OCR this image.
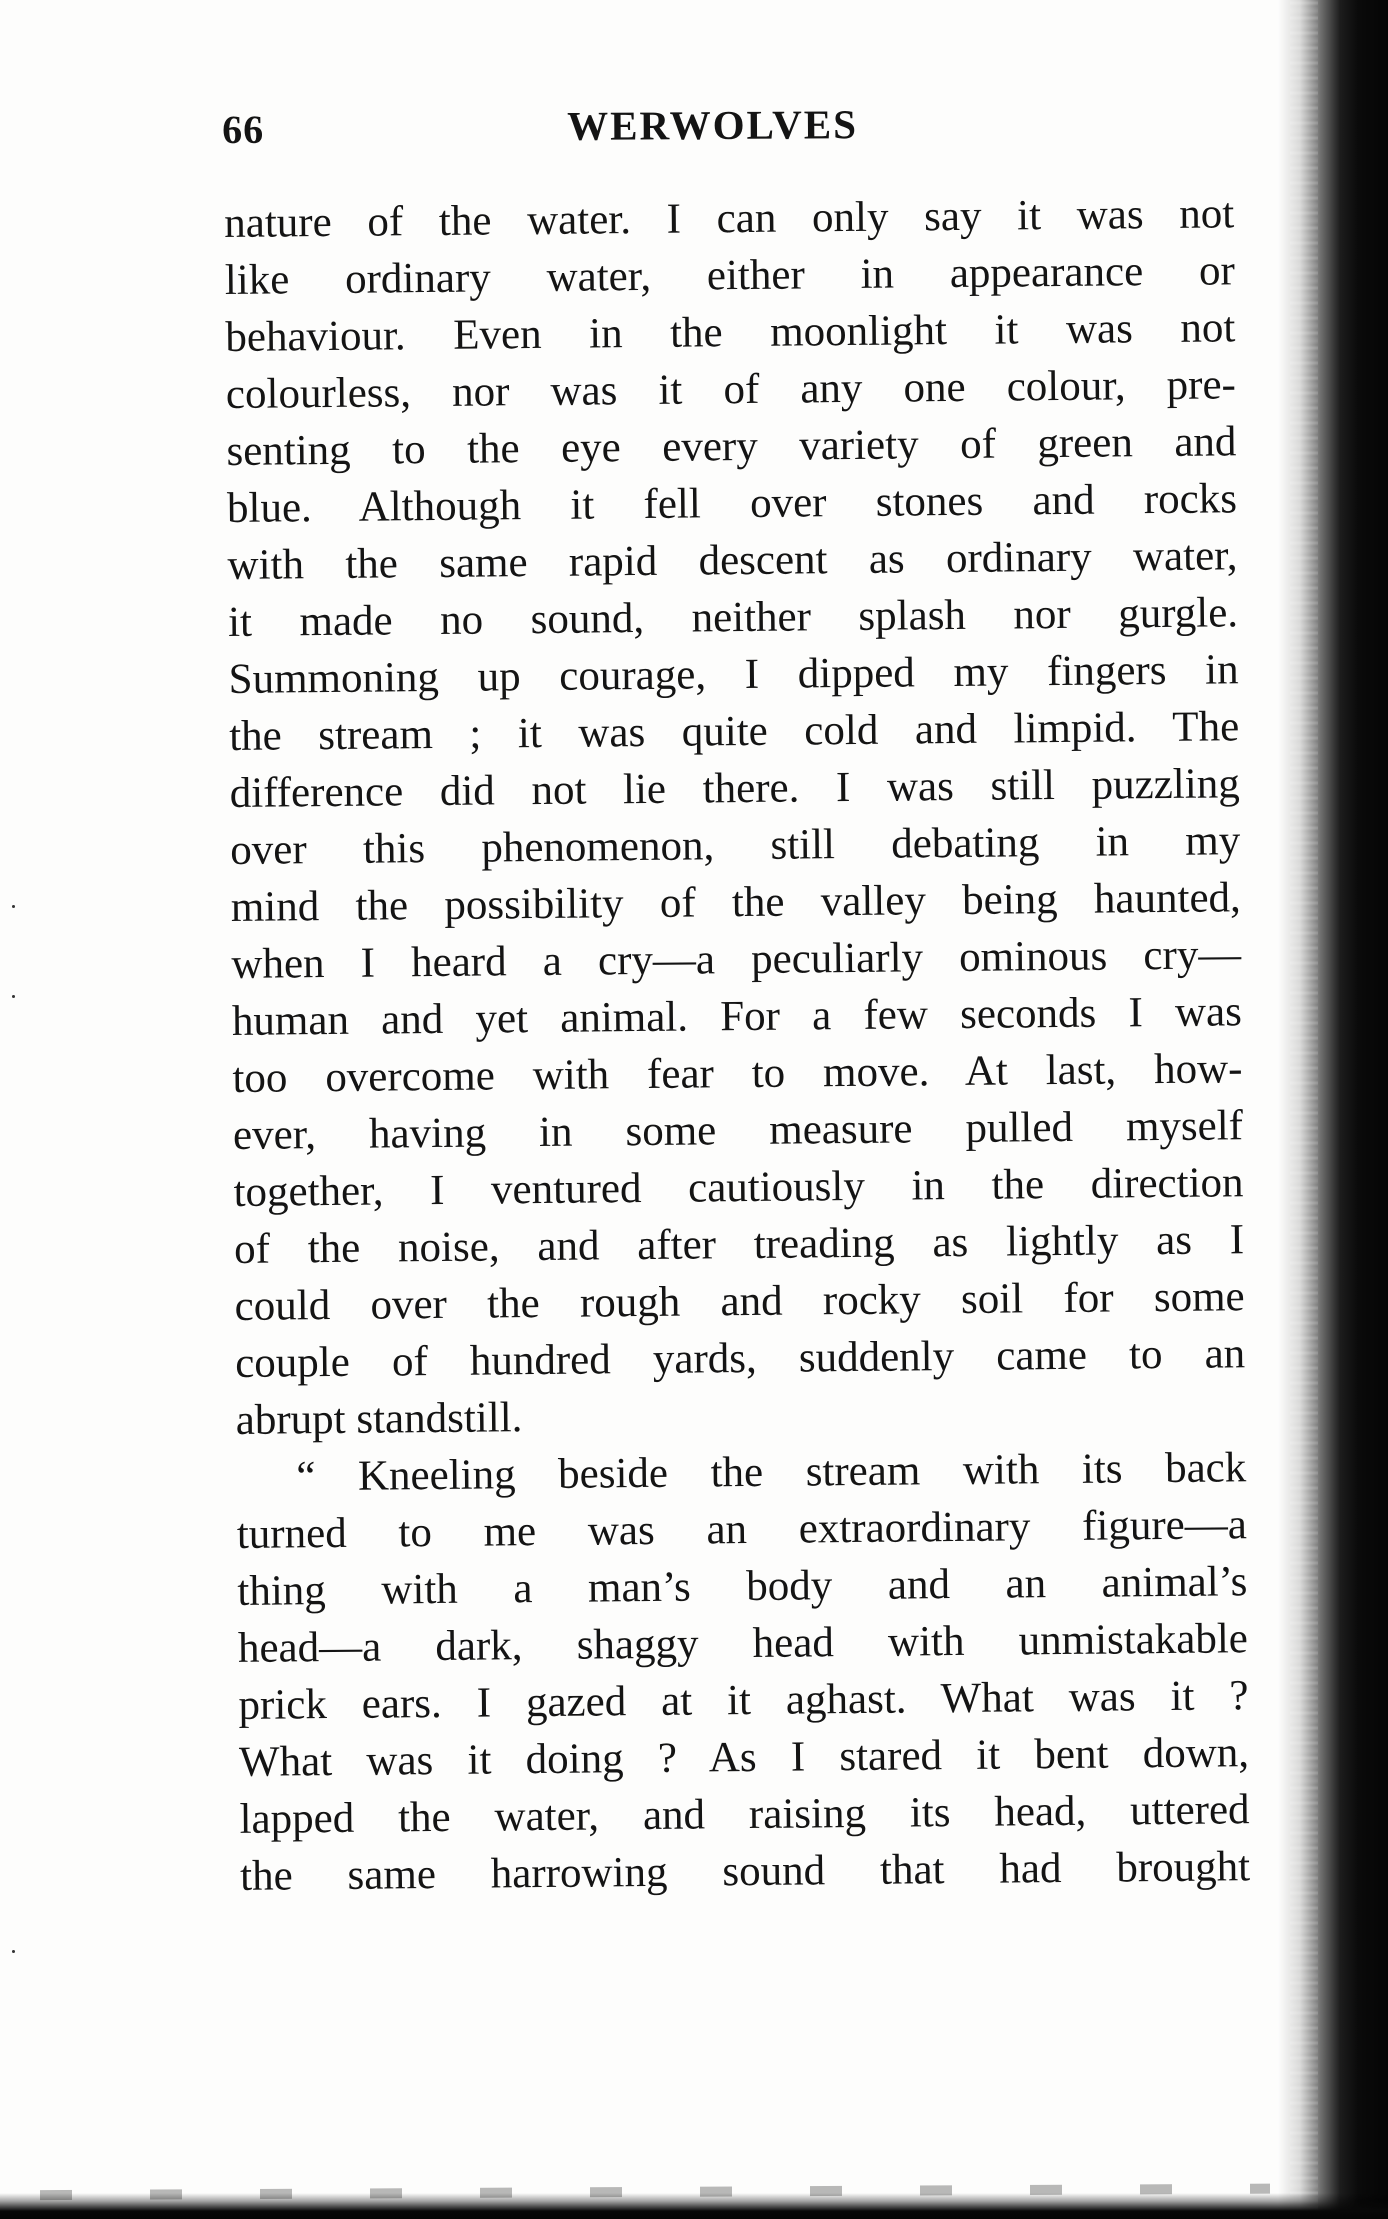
66	WERWOLVES
nature of the water. I can only say it was not
like ordinary water, either in appearance or
behaviour. Even in the moonlight it was not
colourless, nor was it of any one colour, pre-
senting to the eye every variety of green and
blue. Although it fell over stones and rocks
with the same rapid descent as ordinary water,
it made no sound, neither splash nor gurgle.
Summoning up courage, I dipped my fingers in
the stream ; it was quite cold and limpid. The
difference did not lie there. I was still puzzling
over this phenomenon, still debating in my
mind the possibility of the valley being haunted,
when I heard a cry—a peculiarly ominous cry—
human and yet animal. For a few seconds I was
too overcome with fear to move. At last, how-
ever, having in some measure pulled myself
together, I ventured cautiously in the direction
of the noise, and after treading as lightly as I
could over the rough and rocky soil for some
couple of hundred yards, suddenly came to an
abrupt standstill.
“ Kneeling beside the stream with its back
turned to me was an extraordinary figure—a
thing with a man’s body and an animal’s
head—a dark, shaggy head with unmistakable
prick ears. I gazed at it aghast. What was it ?
What was it doing ? As I stared it bent down,
lapped the water, and raising its head, uttered
the same harrowing sound that had brought
